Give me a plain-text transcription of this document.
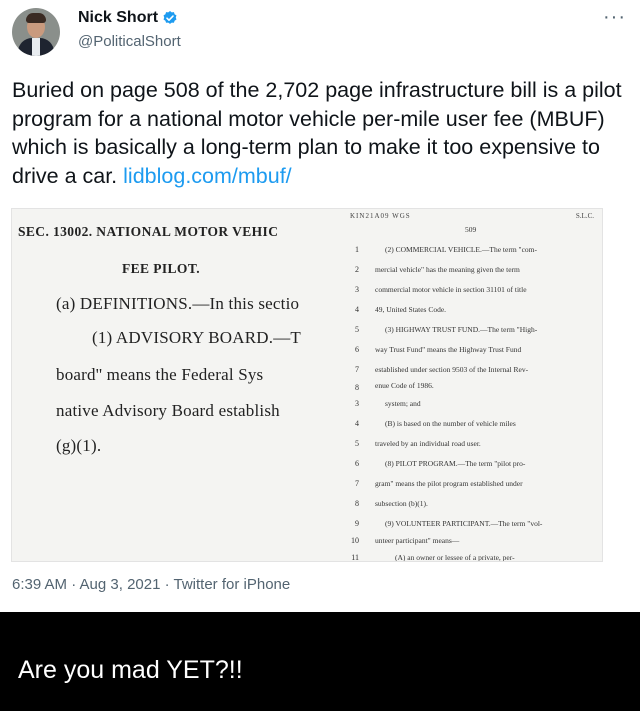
Nick Short
@PoliticalShort
···
Buried on page 508 of the 2,702 page infrastructure bill is a pilot program for a national motor vehicle per-mile user fee (MBUF) which is basically a long-term plan to make it too expensive to drive a car. lidblog.com/mbuf/
SEC. 13002. NATIONAL MOTOR VEHIC
FEE PILOT.
(a) DEFINITIONS.—In this sectio
(1) ADVISORY BOARD.—T
board'' means the Federal Sys
native Advisory Board establish
(g)(1).
KIN21A09 WGS	S.L.C.
509
1
2
3
4
5
6
7
8
(2) COMMERCIAL VEHICLE.—The term "com-
mercial vehicle" has the meaning given the term
commercial motor vehicle in section 31101 of title
49, United States Code.
(3) HIGHWAY TRUST FUND.—The term "High-
way Trust Fund" means the Highway Trust Fund
established under section 9503 of the Internal Rev-
enue Code of 1986.
3
4
5
6
7
8
9
10
11
system; and
(B) is based on the number of vehicle miles
traveled by an individual road user.
(8) PILOT PROGRAM.—The term "pilot pro-
gram" means the pilot program established under
subsection (b)(1).
(9) VOLUNTEER PARTICIPANT.—The term "vol-
unteer participant" means—
(A) an owner or lessee of a private, per-
6:39 AM · Aug 3, 2021 · Twitter for iPhone
Are you mad YET?!!
